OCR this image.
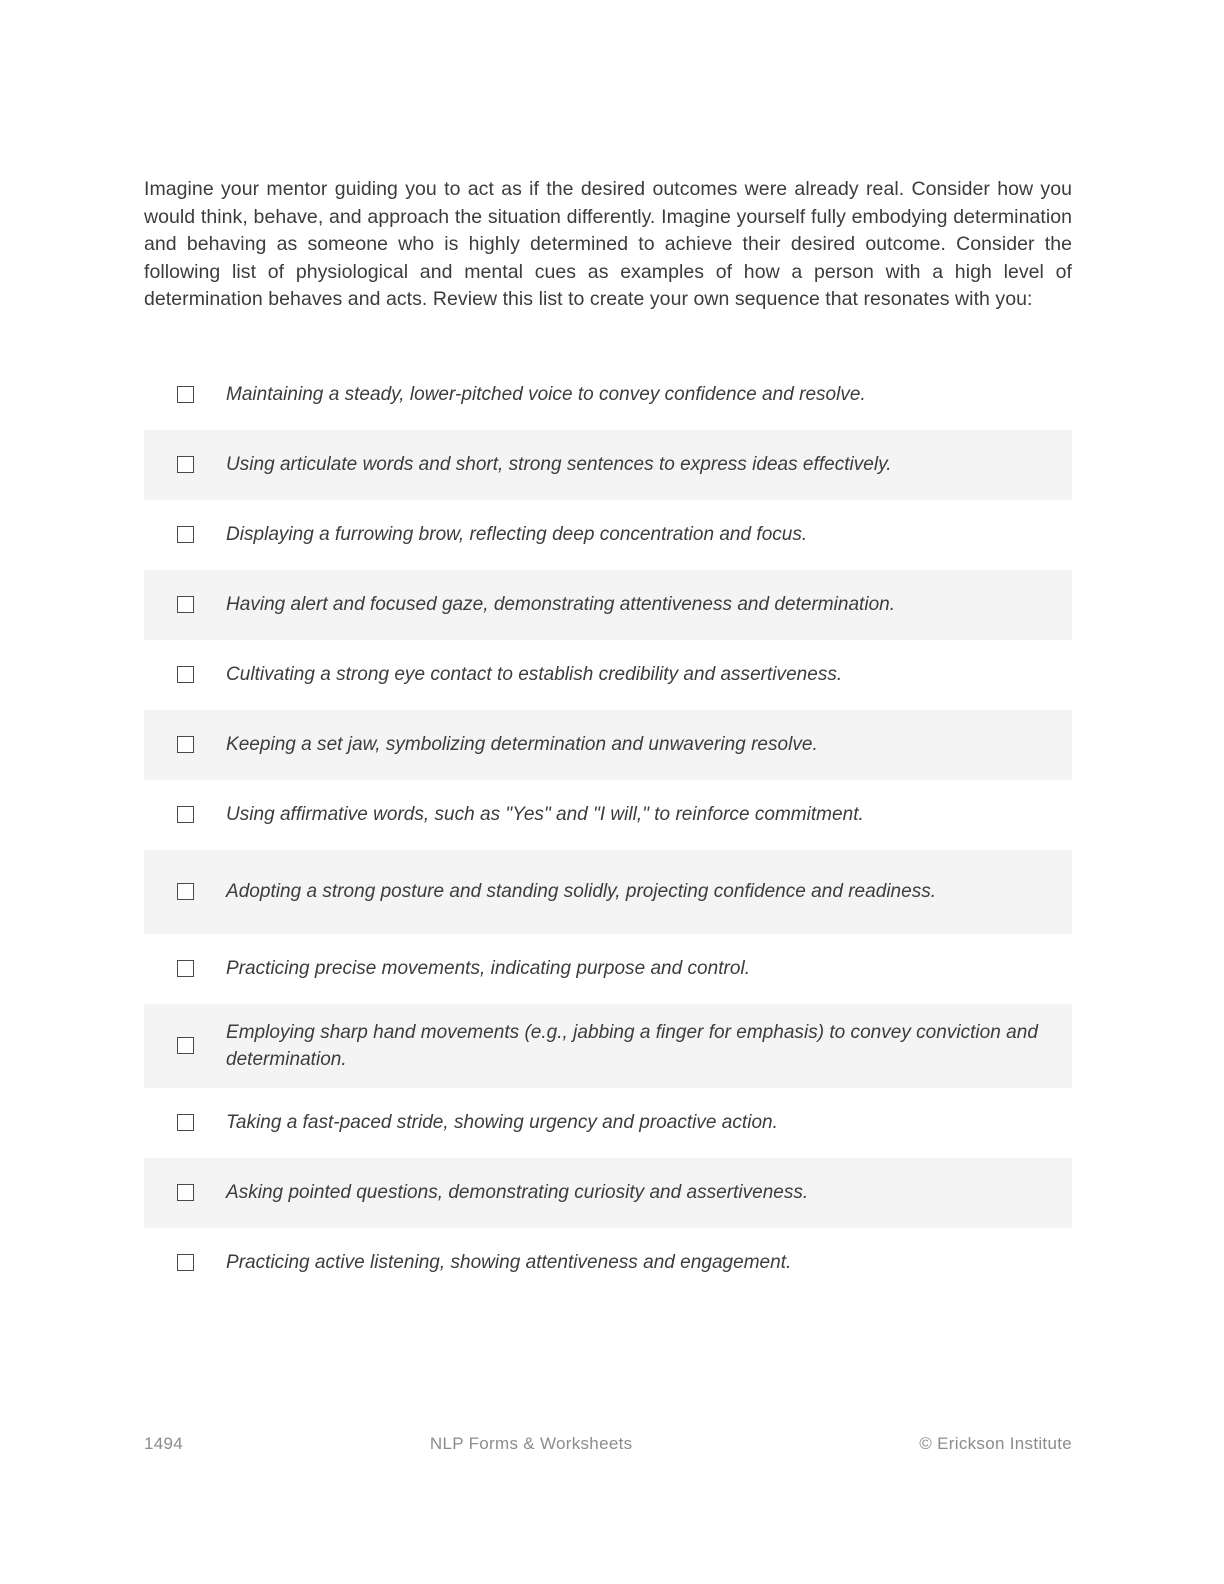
Imagine your mentor guiding you to act as if the desired outcomes were already real. Consider how you would think, behave, and approach the situation differently. Imagine yourself fully embodying determination and behaving as someone who is highly determined to achieve their desired outcome. Consider the following list of physiological and mental cues as examples of how a person with a high level of determination behaves and acts. Review this list to create your own sequence that resonates with you:

Maintaining a steady, lower-pitched voice to convey confidence and resolve.
Using articulate words and short, strong sentences to express ideas effectively.
Displaying a furrowing brow, reflecting deep concentration and focus.
Having alert and focused gaze, demonstrating attentiveness and determination.
Cultivating a strong eye contact to establish credibility and assertiveness.
Keeping a set jaw, symbolizing determination and unwavering resolve.
Using affirmative words, such as "Yes" and "I will," to reinforce commitment.
Adopting a strong posture and standing solidly, projecting confidence and readiness.
Practicing precise movements, indicating purpose and control.
Employing sharp hand movements (e.g., jabbing a finger for emphasis) to convey conviction and determination.
Taking a fast-paced stride, showing urgency and proactive action.
Asking pointed questions, demonstrating curiosity and assertiveness.
Practicing active listening, showing attentiveness and engagement.
1494	NLP Forms & Worksheets	© Erickson Institute
